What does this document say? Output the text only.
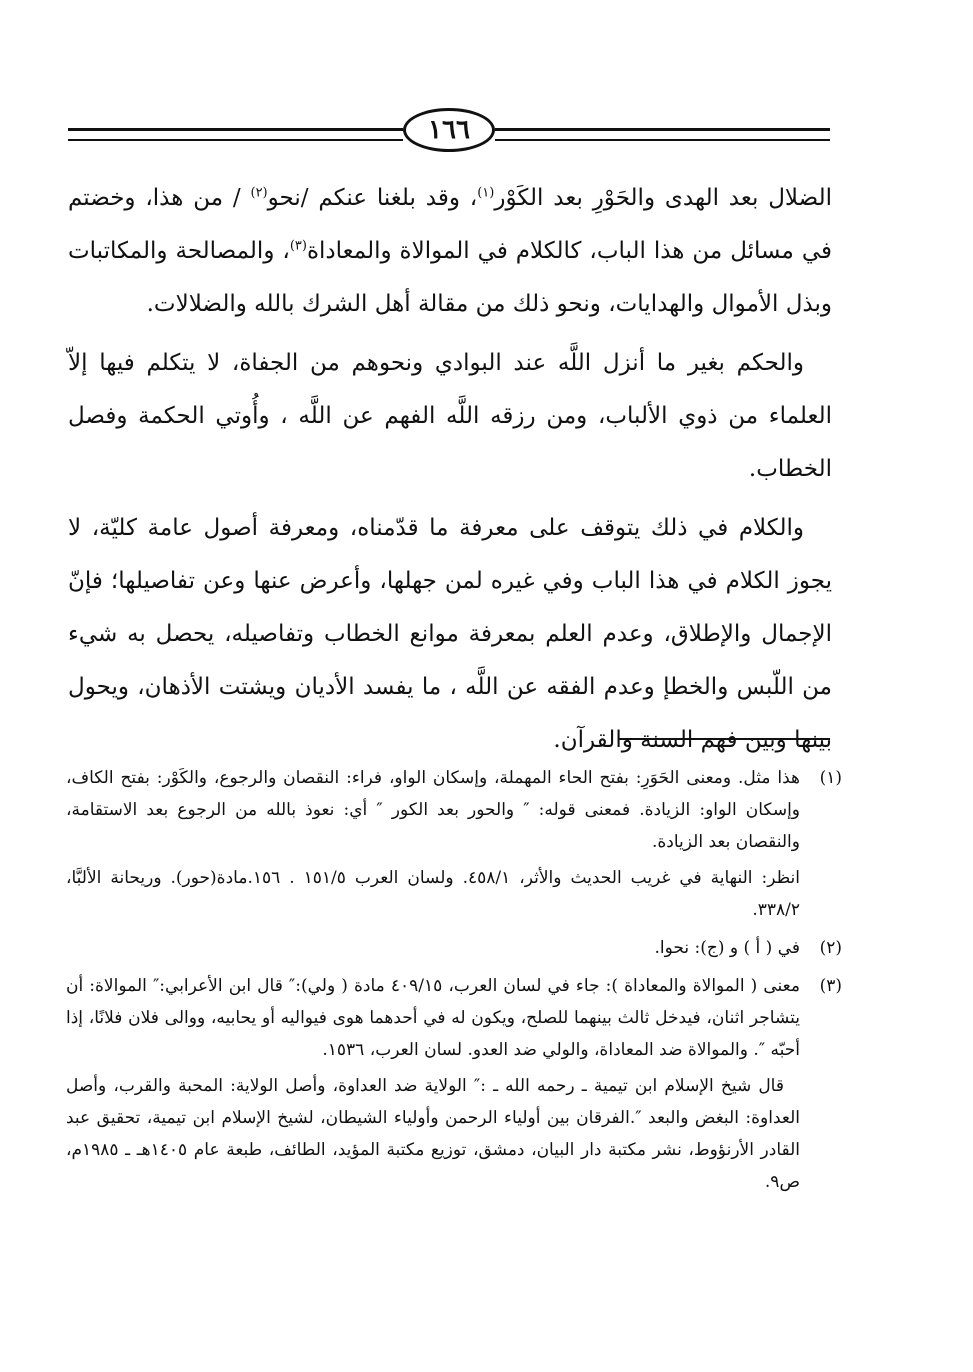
١٦٦

الضلال بعد الهدى والحَوْرِ بعد الكَوْر$^{(١)}$، وقد بلغنا عنكم /نحو$^{(٢)}$ / من هذا، وخضتم في مسائل من هذا الباب، كالكلام في الموالاة والمعاداة$^{(٣)}$، والمصالحة والمكاتبات وبذل الأموال والهدايات، ونحو ذلك من مقالة أهل الشرك بالله والضلالات.

والحكم بغير ما أنزل اللَّه عند البوادي ونحوهم من الجفاة، لا يتكلم فيها إلاّ العلماء من ذوي الألباب، ومن رزقه اللَّه الفهم عن اللَّه ، وأُوتي الحكمة وفصل الخطاب.

والكلام في ذلك يتوقف على معرفة ما قدّمناه، ومعرفة أصول عامة كليّة، لا يجوز الكلام في هذا الباب وفي غيره لمن جهلها، وأعرض عنها وعن تفاصيلها؛ فإنّ الإجمال والإطلاق، وعدم العلم بمعرفة موانع الخطاب وتفاصيله، يحصل به شيء من اللّبس والخطإ وعدم الفقه عن اللَّه ، ما يفسد الأديان ويشتت الأذهان، ويحول بينها وبين فهم السنة والقرآن.

(١)

هذا مثل. ومعنى الحَوَرِ: بفتح الحاء المهملة، وإسكان الواو، فراء: النقصان والرجوع، والكَوْر: بفتح الكاف، وإسكان الواو: الزيادة. فمعنى قوله: ″ والحور بعد الكور ″ أي: نعوذ بالله من الرجوع بعد الاستقامة، والنقصان بعد الزيادة.

انظر: النهاية في غريب الحديث والأثر، ٤٥٨/١. ولسان العرب ١٥١/٥ . ١٥٦.مادة(حور). وريحانة الألبَّا، ٣٣٨/٢.

(٢)

في ( أ ) و (ج): نحوا.

(٣)

معنى ( الموالاة والمعاداة ): جاء في لسان العرب، ٤٠٩/١٥ مادة ( ولي):″ قال ابن الأعرابي:″ الموالاة: أن يتشاجر اثنان، فيدخل ثالث بينهما للصلح، ويكون له في أحدهما هوى فيواليه أو يحابيه، ووالى فلان فلانًا، إذا أحبّه ″. والموالاة ضد المعاداة، والولي ضد العدو. لسان العرب، ١٥٣٦.

قال شيخ الإسلام ابن تيمية ـ رحمه الله ـ :″ الولاية ضد العداوة، وأصل الولاية: المحبة والقرب، وأصل العداوة: البغض والبعد ″.الفرقان بين أولياء الرحمن وأولياء الشيطان، لشيخ الإسلام ابن تيمية، تحقيق عبد القادر الأرنؤوط، نشر مكتبة دار البيان، دمشق، توزيع مكتبة المؤيد، الطائف، طبعة عام ١٤٠٥هـ ـ ١٩٨٥م، ص٩.
